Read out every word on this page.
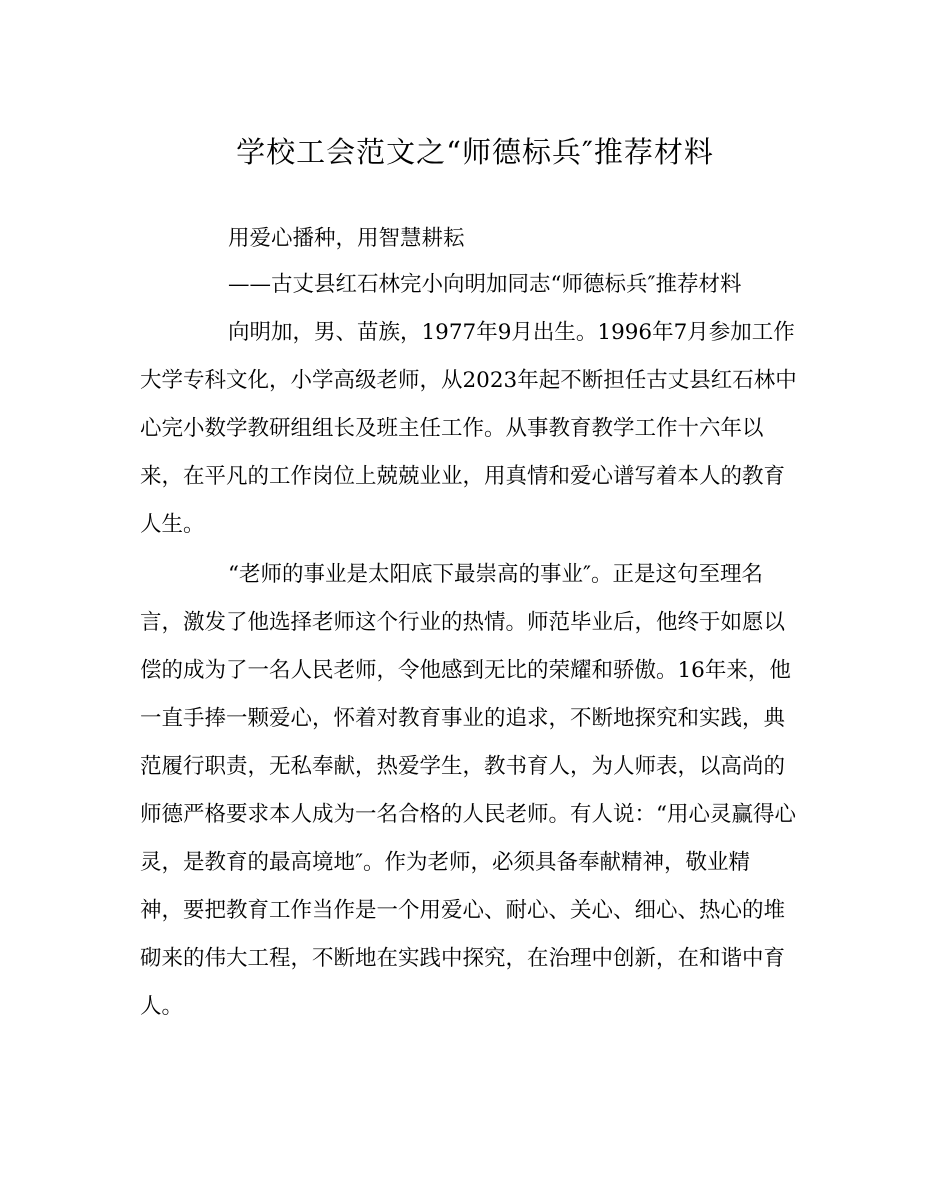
学校工会范文之“师德标兵″推荐材料
用爱心播种，用智慧耕耘
——古丈县红石林完小向明加同志“师德标兵″推荐材料
向明加，男、苗族，1977年9月出生。1996年7月参加工作
大学专科文化，小学高级老师，从2023年起不断担任古丈县红石林中
心完小数学教研组组长及班主任工作。从事教育教学工作十六年以
来，在平凡的工作岗位上兢兢业业，用真情和爱心谱写着本人的教育
人生。
“老师的事业是太阳底下最崇高的事业″。正是这句至理名
言，激发了他选择老师这个行业的热情。师范毕业后，他终于如愿以
偿的成为了一名人民老师，令他感到无比的荣耀和骄傲。16年来，他
一直手捧一颗爱心，怀着对教育事业的追求，不断地探究和实践，典
范履行职责，无私奉献，热爱学生，教书育人，为人师表，以高尚的
师德严格要求本人成为一名合格的人民老师。有人说：“用心灵赢得心
灵，是教育的最高境地″。作为老师，必须具备奉献精神，敬业精
神，要把教育工作当作是一个用爱心、耐心、关心、细心、热心的堆
砌来的伟大工程，不断地在实践中探究，在治理中创新，在和谐中育
人。
